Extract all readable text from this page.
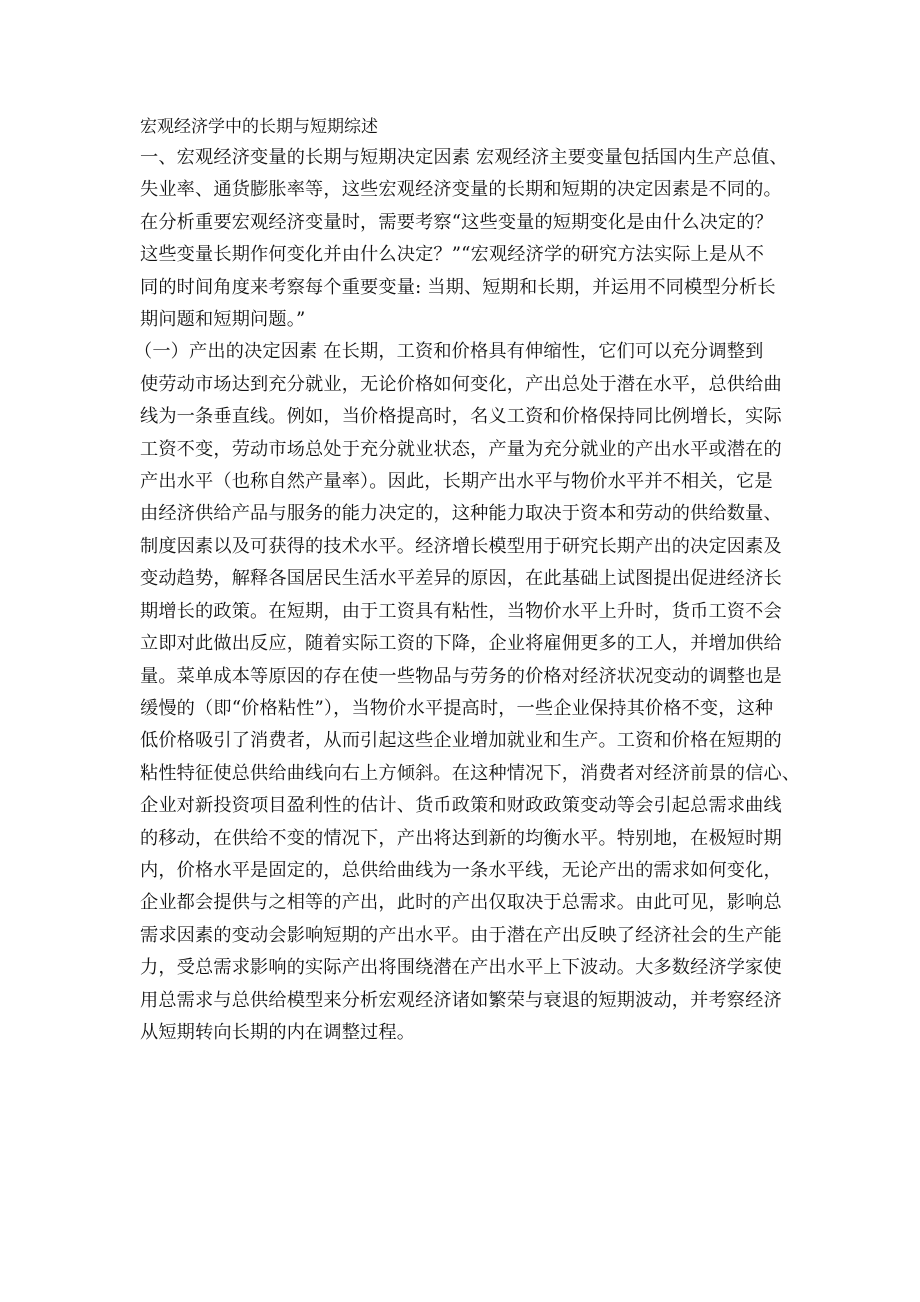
宏观经济学中的长期与短期综述

一、宏观经济变量的长期与短期决定因素 宏观经济主要变量包括国内生产总值、

失业率、通货膨胀率等，这些宏观经济变量的长期和短期的决定因素是不同的。

在分析重要宏观经济变量时，需要考察“这些变量的短期变化是由什么决定的？

这些变量长期作何变化并由什么决定？”“宏观经济学的研究方法实际上是从不

同的时间角度来考察每个重要变量: 当期、短期和长期，并运用不同模型分析长

期问题和短期问题。”

（一）产出的决定因素 在长期，工资和价格具有伸缩性，它们可以充分调整到

使劳动市场达到充分就业，无论价格如何变化，产出总处于潜在水平，总供给曲

线为一条垂直线。例如，当价格提高时，名义工资和价格保持同比例增长，实际

工资不变，劳动市场总处于充分就业状态，产量为充分就业的产出水平或潜在的

产出水平（也称自然产量率）。因此，长期产出水平与物价水平并不相关，它是

由经济供给产品与服务的能力决定的，这种能力取决于资本和劳动的供给数量、

制度因素以及可获得的技术水平。经济增长模型用于研究长期产出的决定因素及

变动趋势，解释各国居民生活水平差异的原因，在此基础上试图提出促进经济长

期增长的政策。在短期，由于工资具有粘性，当物价水平上升时，货币工资不会

立即对此做出反应，随着实际工资的下降，企业将雇佣更多的工人，并增加供给

量。菜单成本等原因的存在使一些物品与劳务的价格对经济状况变动的调整也是

缓慢的（即“价格粘性”），当物价水平提高时，一些企业保持其价格不变，这种

低价格吸引了消费者，从而引起这些企业增加就业和生产。工资和价格在短期的

粘性特征使总供给曲线向右上方倾斜。在这种情况下，消费者对经济前景的信心、

企业对新投资项目盈利性的估计、货币政策和财政政策变动等会引起总需求曲线

的移动，在供给不变的情况下，产出将达到新的均衡水平。特别地，在极短时期

内，价格水平是固定的，总供给曲线为一条水平线，无论产出的需求如何变化，

企业都会提供与之相等的产出，此时的产出仅取决于总需求。由此可见，影响总

需求因素的变动会影响短期的产出水平。由于潜在产出反映了经济社会的生产能

力，受总需求影响的实际产出将围绕潜在产出水平上下波动。大多数经济学家使

用总需求与总供给模型来分析宏观经济诸如繁荣与衰退的短期波动，并考察经济

从短期转向长期的内在调整过程。
